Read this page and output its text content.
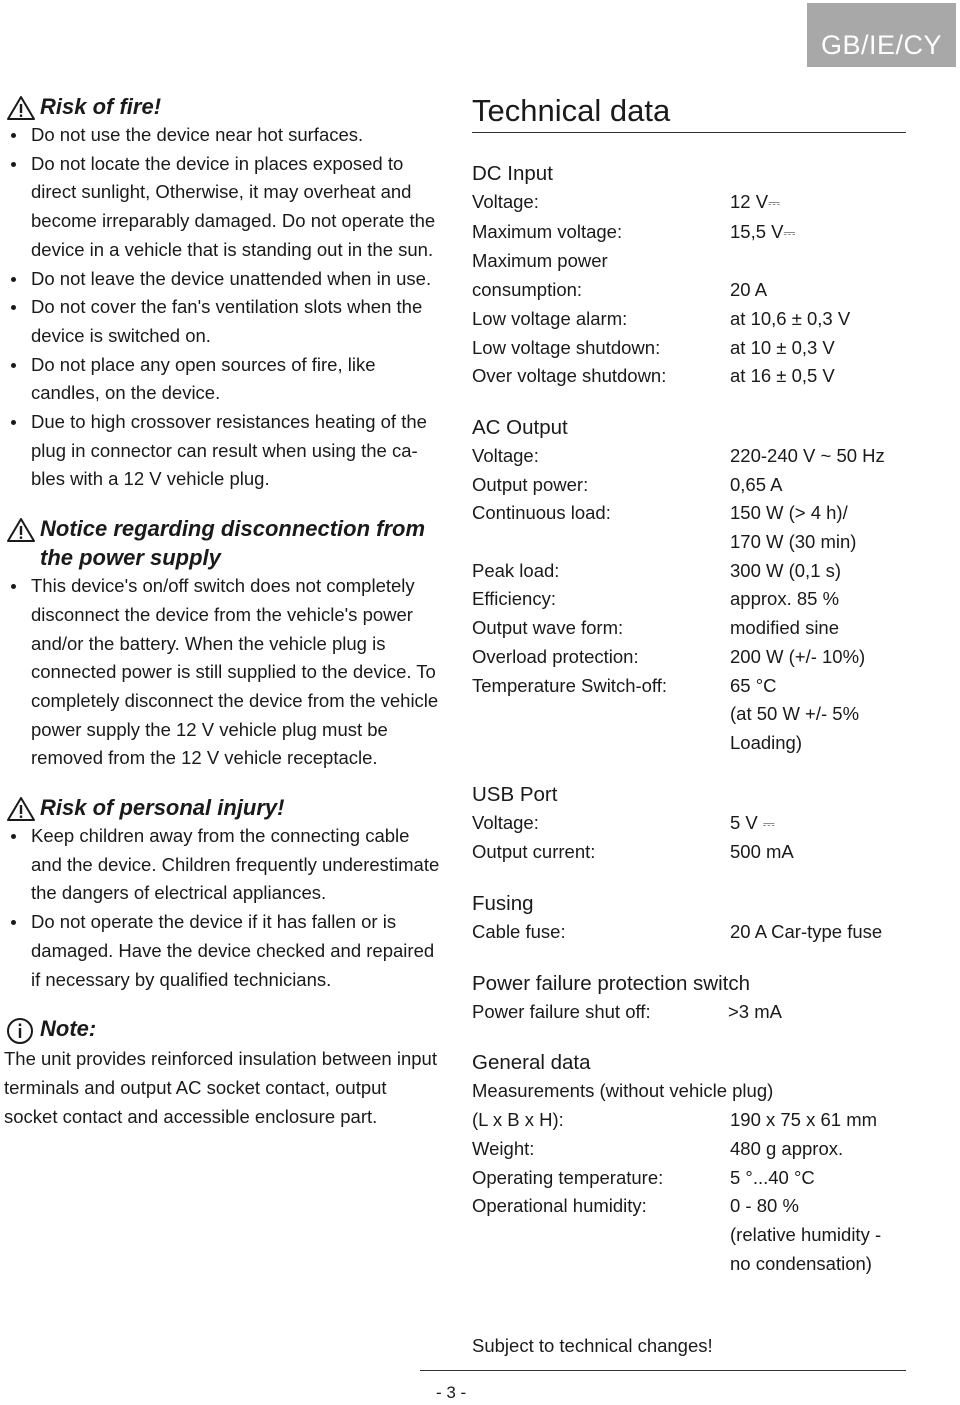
GB/IE/CY
Risk of fire!
Do not use the device near hot surfaces.
Do not locate the device in places exposed to direct sunlight, Otherwise, it may overheat and become irreparably damaged. Do not operate the device in a vehicle that is standing out in the sun.
Do not leave the device unattended when in use.
Do not cover the fan's ventilation slots when the device is switched on.
Do not place any open sources of fire, like candles, on the device.
Due to high crossover resistances heating of the plug in connector can result when using the ca-bles with a 12 V vehicle plug.
Notice regarding disconnection from
the power supply
This device's on/off switch does not completely disconnect the device from the vehicle's power and/or the battery. When the vehicle plug is connected power is still supplied to the device. To completely disconnect the device from the vehicle power supply the 12 V vehicle plug must be removed from the 12 V vehicle receptacle.
Risk of personal injury!
Keep children away from the connecting cable and the device. Children frequently underestimate the dangers of electrical appliances.
Do not operate the device if it has fallen or is damaged. Have the device checked and repaired if necessary by qualified technicians.
Note:
The unit provides reinforced insulation between input terminals and output AC socket contact, output socket contact and accessible enclosure part.
Technical data
DC Input
Voltage:	12 V⎓
Maximum voltage:	15,5 V⎓
Maximum power
consumption:	20 A
Low voltage alarm:	at 10,6 ± 0,3 V
Low voltage shutdown:	at 10 ± 0,3 V
Over voltage shutdown:	at 16 ± 0,5 V
AC Output
Voltage:	220-240 V ~ 50 Hz
Output power:	0,65 A
Continuous load:	150 W (> 4 h)/
170 W (30 min)
Peak load:	300 W (0,1 s)
Efficiency:	approx. 85 %
Output wave form:	modified sine
Overload protection:	200 W (+/- 10%)
Temperature Switch-off:	65 °C
(at 50 W +/- 5%
Loading)
USB Port
Voltage:	5 V ⎓
Output current:	500 mA
Fusing
Cable fuse:	20 A Car-type fuse
Power failure protection switch
Power failure shut off:	>3 mA
General data
Measurements (without vehicle plug)
(L x B x H):	190 x 75 x 61 mm
Weight:	480 g approx.
Operating temperature:	5 °...40 °C
Operational humidity:	0 - 80 %
(relative humidity -
no condensation)
Subject to technical changes!
- 3 -
